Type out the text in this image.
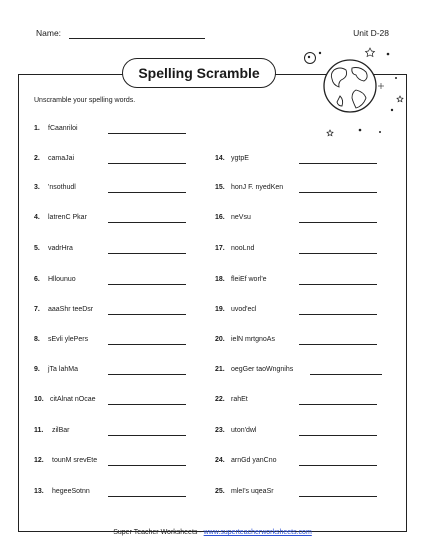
Name:	Unit D-28
Spelling Scramble
Unscramble your spelling words.
1. fCaanriloi
2. camaJai
3. 'nsothudl
4. latrenC Pkar
5. vadrHra
6. Hllounuo
7. aaaShr teeDsr
8. sEvli ylePers
9. jTa lahMa
10. citAlnat nOcae
11. zilBar
12. tounM srevEte
13. hegeeSotnn
14. ygtpE
15. honJ F. nyedKen
16. neVsu
17. nooLnd
18. fleiEf worl'e
19. uvod'ecl
20. ielN mrtgnoAs
21. oegGer taoWngnihs
22. rahEt
23. uton'dwl
24. arnGd yanCno
25. mleI's uqeaSr
Super Teacher Worksheets - www.superteacherworksheets.com
